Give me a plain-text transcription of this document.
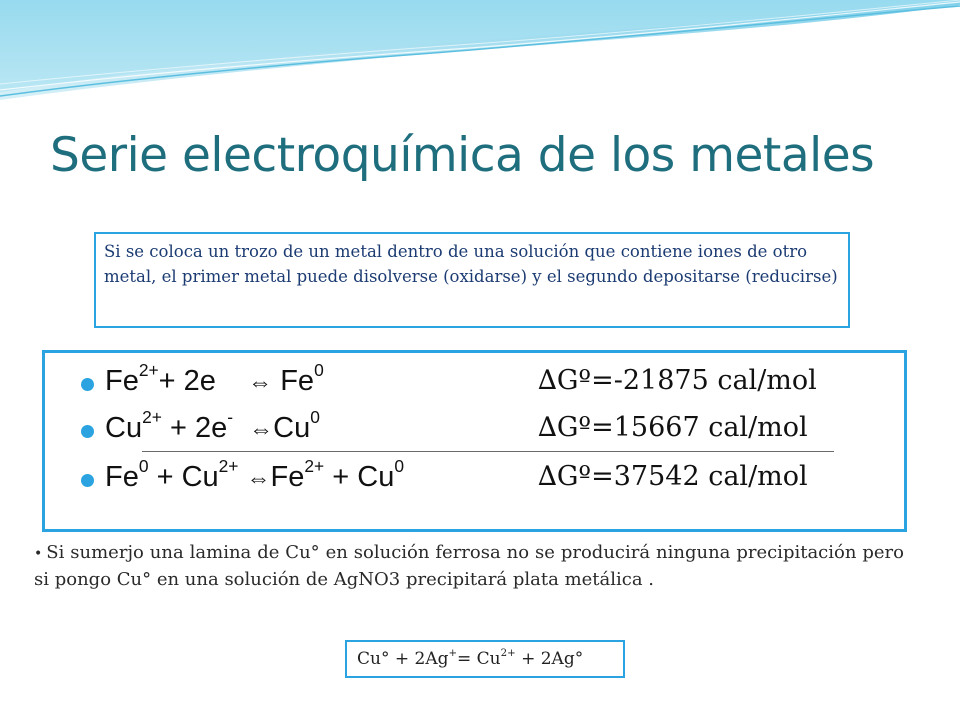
Serie electroquímica de los metales
Si se coloca un trozo de un metal dentro de una solución que contiene iones de otro metal, el primer metal puede disolverse (oxidarse) y el segundo depositarse (reducirse)
$Fe^{2+}+ 2e$ ⇔ Fe$^0$	∆Gº=-21875 cal/mol
$Cu^{2+} + 2e^-$ ⇔Cu$^0$	∆Gº=15667 cal/mol
$Fe^0 + Cu^{2+}$ $\Leftrightarrow Fe^{2+} + Cu^0$	∆Gº=37542 cal/mol
• Si sumerjo una lamina de Cu° en solución ferrosa no se producirá ninguna precipitación pero si pongo Cu° en una solución de AgNO3 precipitará plata metálica .
$Cu^\circ + 2Ag^+= Cu^{2+} + 2Ag^\circ$
